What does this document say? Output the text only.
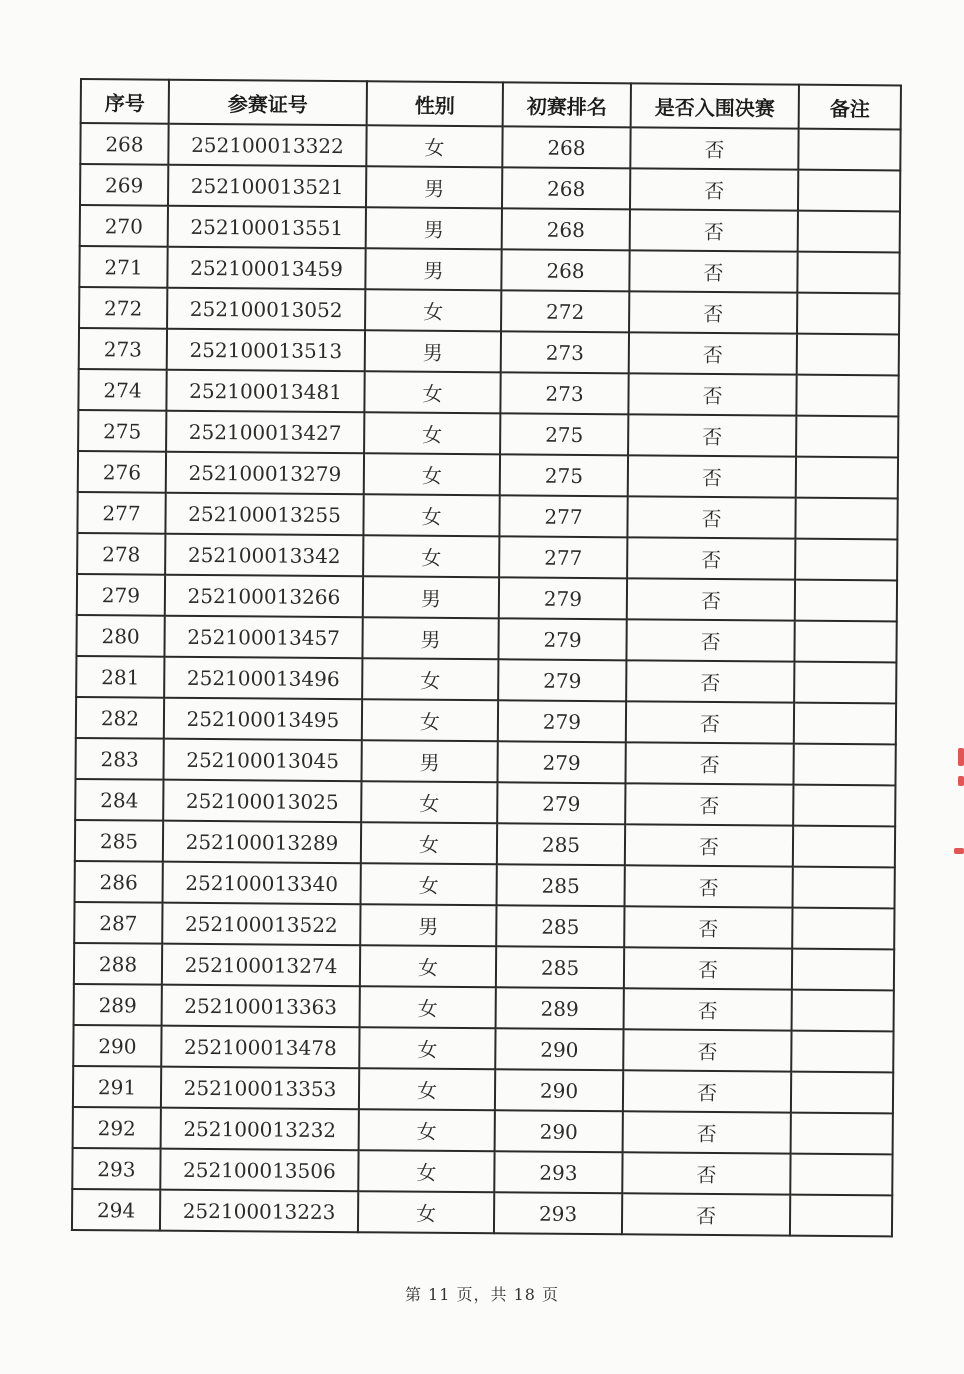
序号	参赛证号	性别	初赛排名	是否入围决赛	备注
268	252100013322	女	268	否	
269	252100013521	男	268	否	
270	252100013551	男	268	否	
271	252100013459	男	268	否	
272	252100013052	女	272	否	
273	252100013513	男	273	否	
274	252100013481	女	273	否	
275	252100013427	女	275	否	
276	252100013279	女	275	否	
277	252100013255	女	277	否	
278	252100013342	女	277	否	
279	252100013266	男	279	否	
280	252100013457	男	279	否	
281	252100013496	女	279	否	
282	252100013495	女	279	否	
283	252100013045	男	279	否	
284	252100013025	女	279	否	
285	252100013289	女	285	否	
286	252100013340	女	285	否	
287	252100013522	男	285	否	
288	252100013274	女	285	否	
289	252100013363	女	289	否	
290	252100013478	女	290	否	
291	252100013353	女	290	否	
292	252100013232	女	290	否	
293	252100013506	女	293	否	
294	252100013223	女	293	否	
第 11 页，共 18 页
